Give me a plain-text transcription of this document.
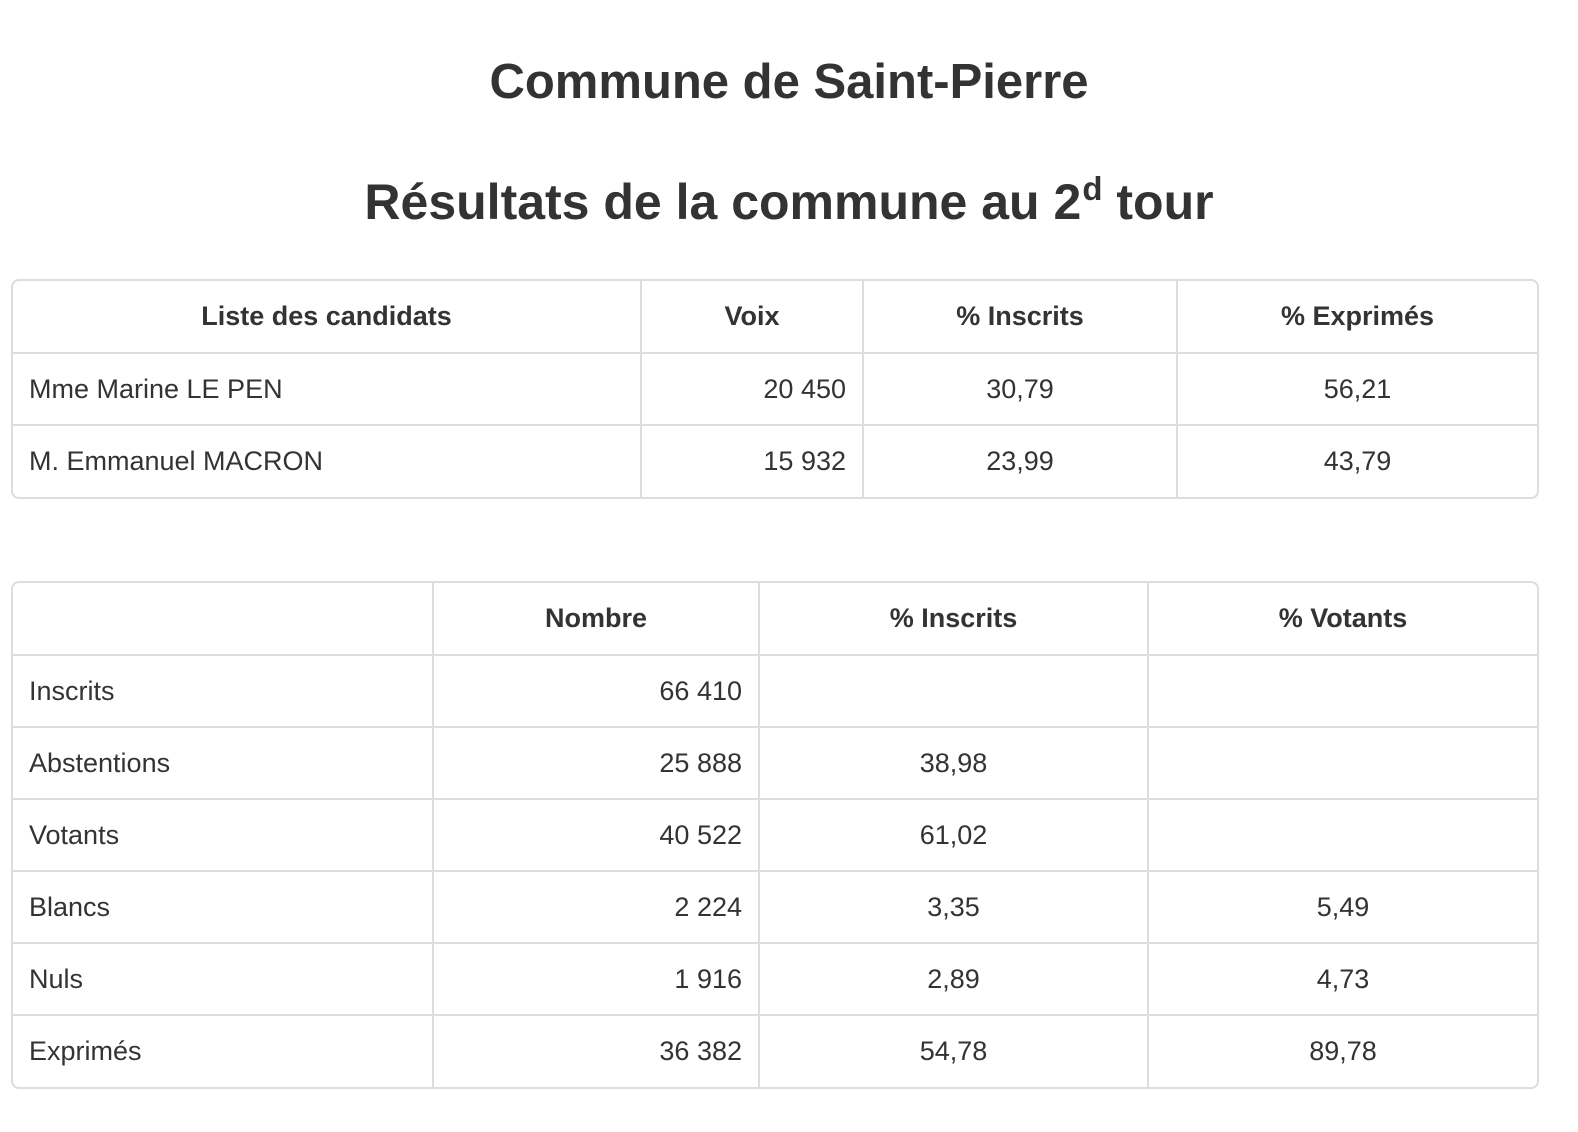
Commune de Saint-Pierre
Résultats de la commune au 2$^d$ tour
Liste des candidats	Voix	% Inscrits	% Exprimés
Mme Marine LE PEN	20 450	30,79	56,21
M. Emmanuel MACRON	15 932	23,99	43,79
	Nombre	% Inscrits	% Votants
Inscrits	66 410		
Abstentions	25 888	38,98	
Votants	40 522	61,02	
Blancs	2 224	3,35	5,49
Nuls	1 916	2,89	4,73
Exprimés	36 382	54,78	89,78
